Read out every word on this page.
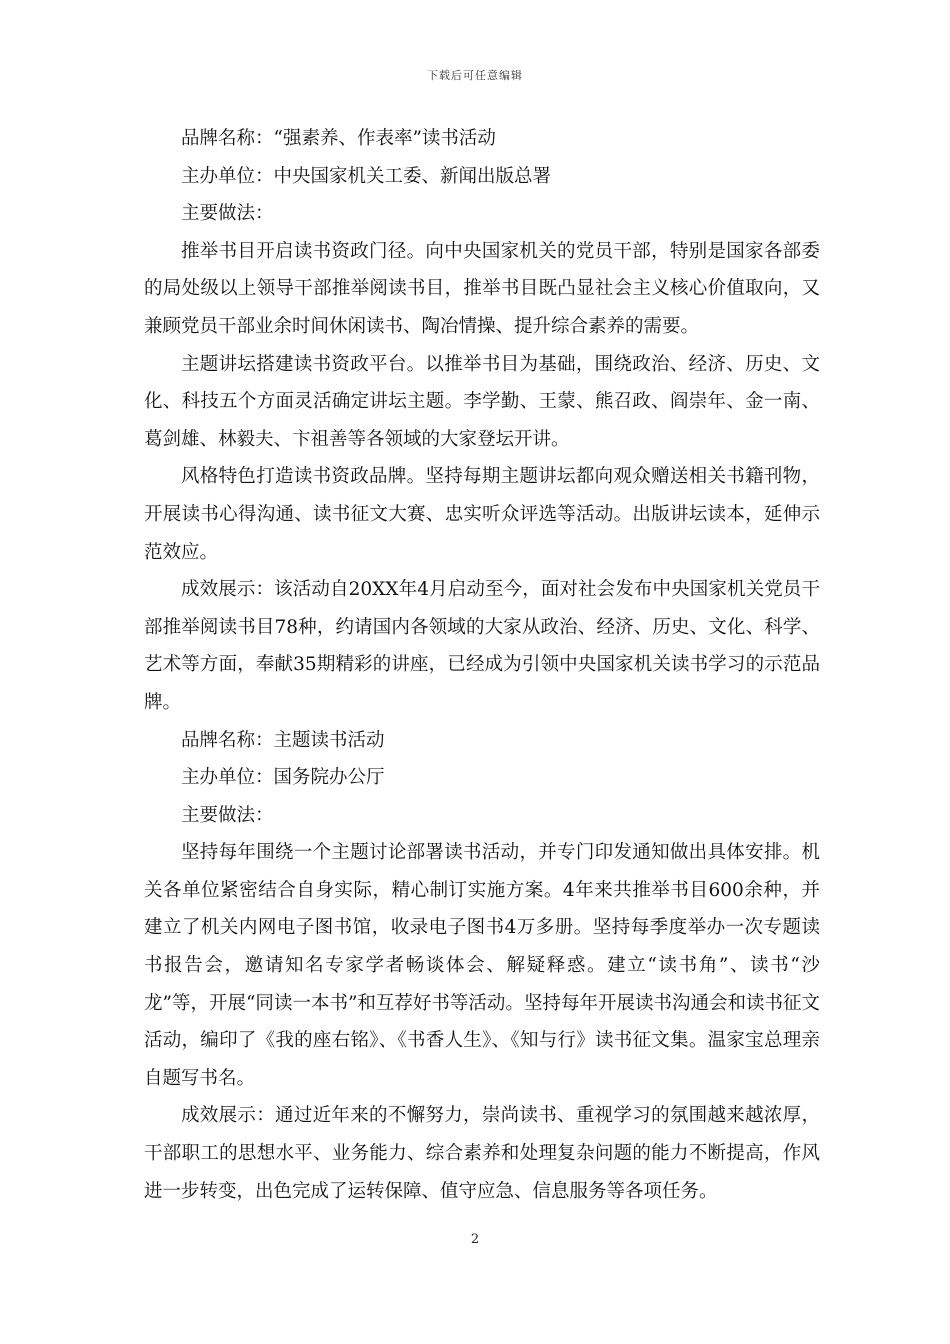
下载后可任意编辑

品牌名称：“强素养、作表率”读书活动

主办单位：中央国家机关工委、新闻出版总署

主要做法：

推举书目开启读书资政门径。向中央国家机关的党员干部，特别是国家各部委的局处级以上领导干部推举阅读书目，推举书目既凸显社会主义核心价值取向，又兼顾党员干部业余时间休闲读书、陶冶情操、提升综合素养的需要。

主题讲坛搭建读书资政平台。以推举书目为基础，围绕政治、经济、历史、文化、科技五个方面灵活确定讲坛主题。李学勤、王蒙、熊召政、阎崇年、金一南、葛剑雄、林毅夫、卞祖善等各领域的大家登坛开讲。

风格特色打造读书资政品牌。坚持每期主题讲坛都向观众赠送相关书籍刊物，开展读书心得沟通、读书征文大赛、忠实听众评选等活动。出版讲坛读本，延伸示范效应。

成效展示：该活动自20XX年4月启动至今，面对社会发布中央国家机关党员干部推举阅读书目78种，约请国内各领域的大家从政治、经济、历史、文化、科学、艺术等方面，奉献35期精彩的讲座，已经成为引领中央国家机关读书学习的示范品牌。

品牌名称：主题读书活动

主办单位：国务院办公厅

主要做法：

坚持每年围绕一个主题讨论部署读书活动，并专门印发通知做出具体安排。机关各单位紧密结合自身实际，精心制订实施方案。4年来共推举书目600余种，并建立了机关内网电子图书馆，收录电子图书4万多册。坚持每季度举办一次专题读书报告会，邀请知名专家学者畅谈体会、解疑释惑。建立“读书角”、读书“沙龙”等，开展“同读一本书”和互荐好书等活动。坚持每年开展读书沟通会和读书征文活动，编印了《我的座右铭》、《书香人生》、《知与行》读书征文集。温家宝总理亲自题写书名。

成效展示：通过近年来的不懈努力，崇尚读书、重视学习的氛围越来越浓厚，干部职工的思想水平、业务能力、综合素养和处理复杂问题的能力不断提高，作风进一步转变，出色完成了运转保障、值守应急、信息服务等各项任务。

2
